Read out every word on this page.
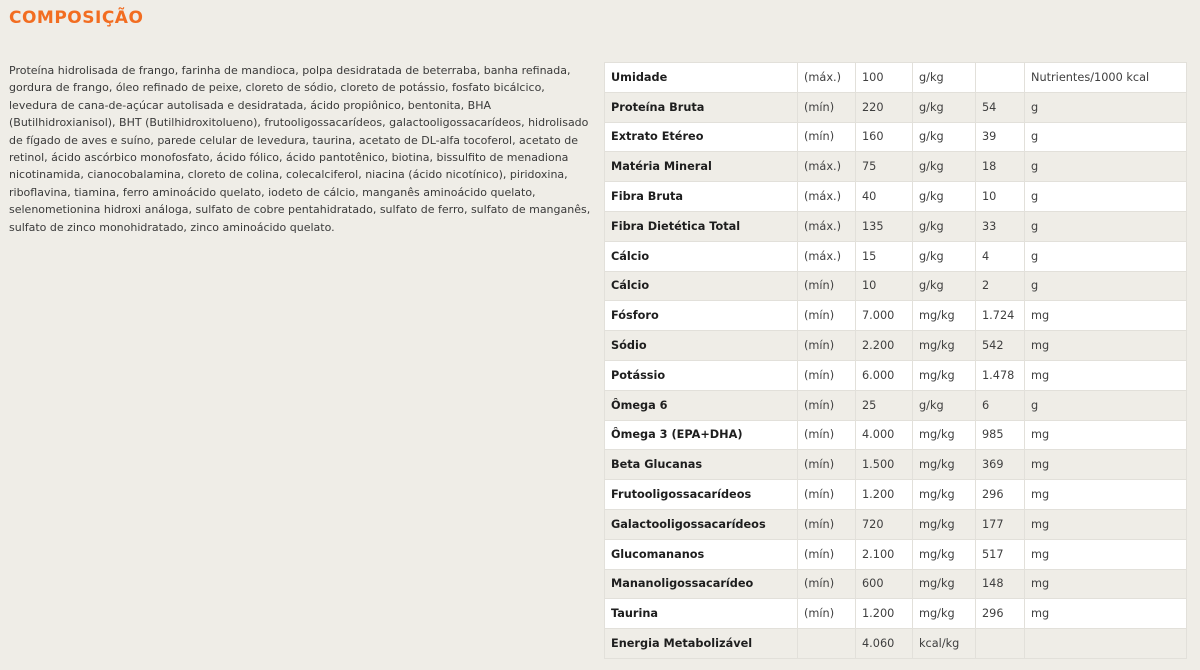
COMPOSIÇÃO

Proteína hidrolisada de frango, farinha de mandioca, polpa desidratada de beterraba, banha refinada, gordura de frango, óleo refinado de peixe, cloreto de sódio, cloreto de potássio, fosfato bicálcico, levedura de cana-de-açúcar autolisada e desidratada, ácido propiônico, bentonita, BHA (Butilhidroxianisol), BHT (Butilhidroxitolueno), frutooligossacarídeos, galactooligossacarídeos, hidrolisado de fígado de aves e suíno, parede celular de levedura, taurina, acetato de DL-alfa tocoferol, acetato de retinol, ácido ascórbico monofosfato, ácido fólico, ácido pantotênico, biotina, bissulfito de menadiona nicotinamida, cianocobalamina, cloreto de colina, colecalciferol, niacina (ácido nicotínico), piridoxina, riboflavina, tiamina, ferro aminoácido quelato, iodeto de cálcio, manganês aminoácido quelato, selenometionina hidroxi análoga, sulfato de cobre pentahidratado, sulfato de ferro, sulfato de manganês, sulfato de zinco monohidratado, zinco aminoácido quelato.

Umidade	(máx.)	100	g/kg		Nutrientes/1000 kcal
Proteína Bruta	(mín)	220	g/kg	54	g
Extrato Etéreo	(mín)	160	g/kg	39	g
Matéria Mineral	(máx.)	75	g/kg	18	g
Fibra Bruta	(máx.)	40	g/kg	10	g
Fibra Dietética Total	(máx.)	135	g/kg	33	g
Cálcio	(máx.)	15	g/kg	4	g
Cálcio	(mín)	10	g/kg	2	g
Fósforo	(mín)	7.000	mg/kg	1.724	mg
Sódio	(mín)	2.200	mg/kg	542	mg
Potássio	(mín)	6.000	mg/kg	1.478	mg
Ômega 6	(mín)	25	g/kg	6	g
Ômega 3 (EPA+DHA)	(mín)	4.000	mg/kg	985	mg
Beta Glucanas	(mín)	1.500	mg/kg	369	mg
Frutooligossacarídeos	(mín)	1.200	mg/kg	296	mg
Galactooligossacarídeos	(mín)	720	mg/kg	177	mg
Glucomananos	(mín)	2.100	mg/kg	517	mg
Mananoligossacarídeo	(mín)	600	mg/kg	148	mg
Taurina	(mín)	1.200	mg/kg	296	mg
Energia Metabolizável		4.060	kcal/kg		
